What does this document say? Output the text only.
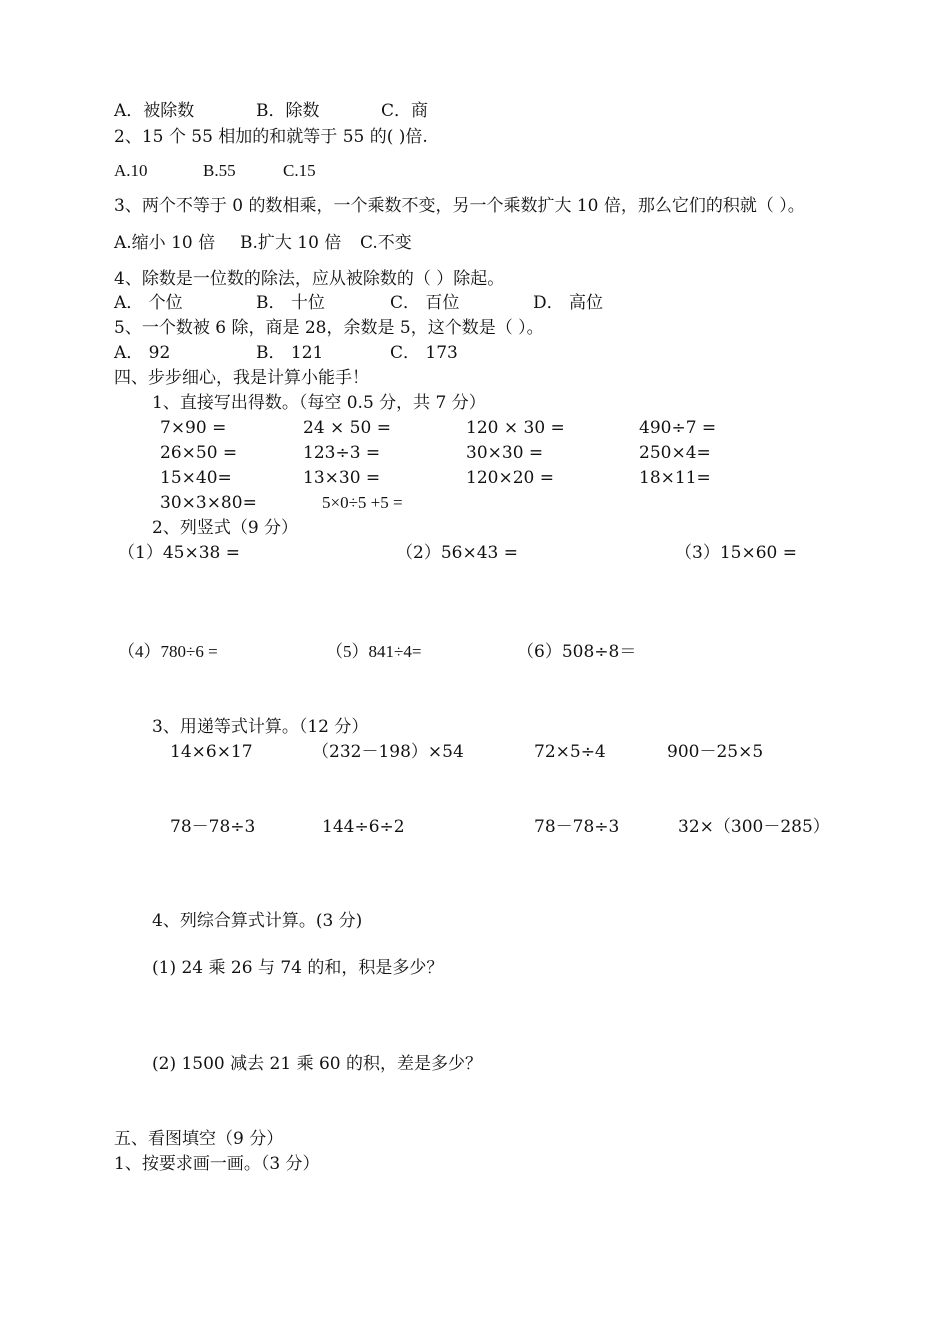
A．被除数	B．除数	C．商
2、15 个 55 相加的和就等于 55 的( )倍.
A.10	B.55	C.15
3、两个不等于 0 的数相乘，一个乘数不变，另一个乘数扩大 10 倍，那么它们的积就（ ）。
A.缩小 10 倍 B.扩大 10 倍 C.不变
4、除数是一位数的除法，应从被除数的（ ）除起。
A． 个位	B． 十位	C． 百位	D． 高位
5、一个数被 6 除，商是 28，余数是 5，这个数是（ ）。
A． 92	B． 121	C． 173
四、步步细心，我是计算小能手！
1、直接写出得数。（每空 0.5 分，共 7 分）
7×90 =	24 × 50 =	120 × 30 =	490÷7 =
26×50 =	123÷3 =	30×30 =	250×4=
15×40=	13×30 =	120×20 =	18×11=
30×3×80=	5×0÷5 +5 =
2、列竖式（9 分）
（1）45×38 =	（2）56×43 =	（3）15×60 =
（4）780÷6 =	（5）841÷4=	（6）508÷8＝
3、用递等式计算。（12 分）
14×6×17	（232－198）×54	72×5÷4	900－25×5
78－78÷3	144÷6÷2	78－78÷3	32×（300－285）
4、列综合算式计算。(3 分)
(1) 24 乘 26 与 74 的和，积是多少？
(2) 1500 减去 21 乘 60 的积，差是多少？
五、看图填空（9 分）
1、按要求画一画。（3 分）
